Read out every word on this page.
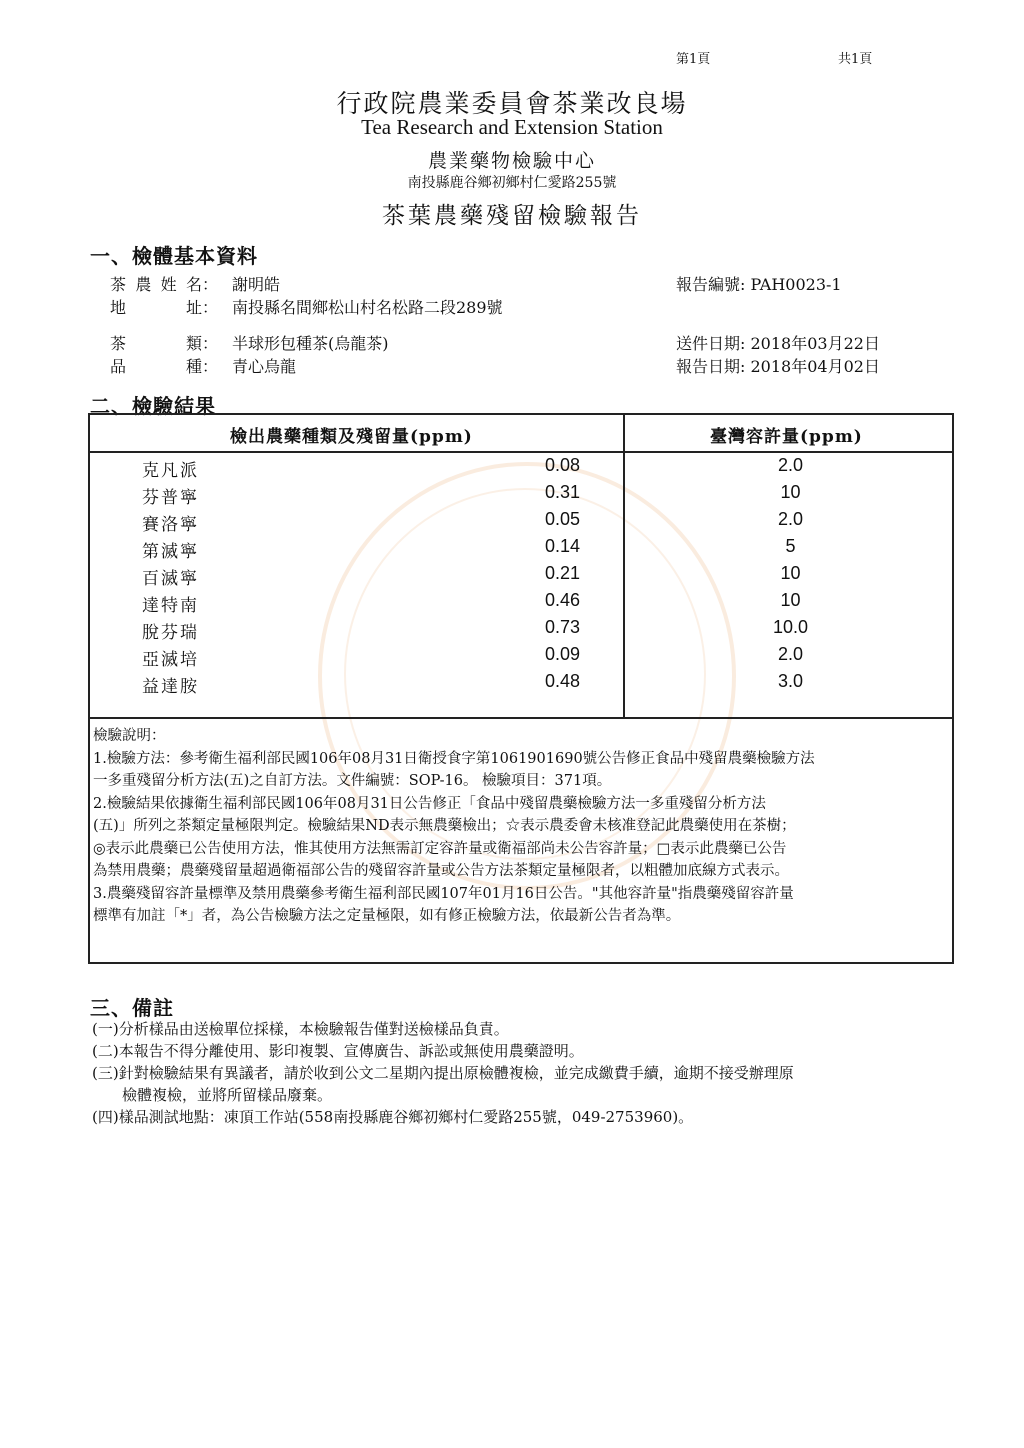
第1頁	共1頁
行政院農業委員會茶業改良場
Tea Research and Extension Station
農業藥物檢驗中心
南投縣鹿谷鄉初鄉村仁愛路255號
茶葉農藥殘留檢驗報告
一、檢體基本資料
茶農姓名： 謝明皓
地址： 南投縣名間鄉松山村名松路二段289號
茶類： 半球形包種茶(烏龍茶)
品種： 青心烏龍
報告編號: PAH0023-1
送件日期: 2018年03月22日
報告日期: 2018年04月02日
二、檢驗結果
檢出農藥種類及殘留量(ppm)	臺灣容許量(ppm)
克凡派	0.08	2.0
芬普寧	0.31	10
賽洛寧	0.05	2.0
第滅寧	0.14	5
百滅寧	0.21	10
達特南	0.46	10
脫芬瑞	0.73	10.0
亞滅培	0.09	2.0
益達胺	0.48	3.0
檢驗說明：
1.檢驗方法：參考衛生福利部民國106年08月31日衛授食字第1061901690號公告修正食品中殘留農藥檢驗方法
一多重殘留分析方法(五)之自訂方法。文件編號：SOP-16。 檢驗項目：371項。
2.檢驗結果依據衛生福利部民國106年08月31日公告修正「食品中殘留農藥檢驗方法一多重殘留分析方法
(五)」所列之茶類定量極限判定。檢驗結果ND表示無農藥檢出；☆表示農委會未核准登記此農藥使用在茶樹；
◎表示此農藥已公告使用方法，惟其使用方法無需訂定容許量或衛福部尚未公告容許量；□表示此農藥已公告
為禁用農藥；農藥殘留量超過衛福部公告的殘留容許量或公告方法茶類定量極限者，以粗體加底線方式表示。
3.農藥殘留容許量標準及禁用農藥參考衛生福利部民國107年01月16日公告。"其他容許量"指農藥殘留容許量
標準有加註「*」者，為公告檢驗方法之定量極限，如有修正檢驗方法，依最新公告者為準。
三、備註
(一)分析樣品由送檢單位採樣，本檢驗報告僅對送檢樣品負責。
(二)本報告不得分離使用、影印複製、宣傳廣告、訴訟或無使用農藥證明。
(三)針對檢驗結果有異議者，請於收到公文二星期內提出原檢體複檢，並完成繳費手續，逾期不接受辦理原
　　檢體複檢，並將所留樣品廢棄。
(四)樣品測試地點：凍頂工作站(558南投縣鹿谷鄉初鄉村仁愛路255號，049-2753960)。
